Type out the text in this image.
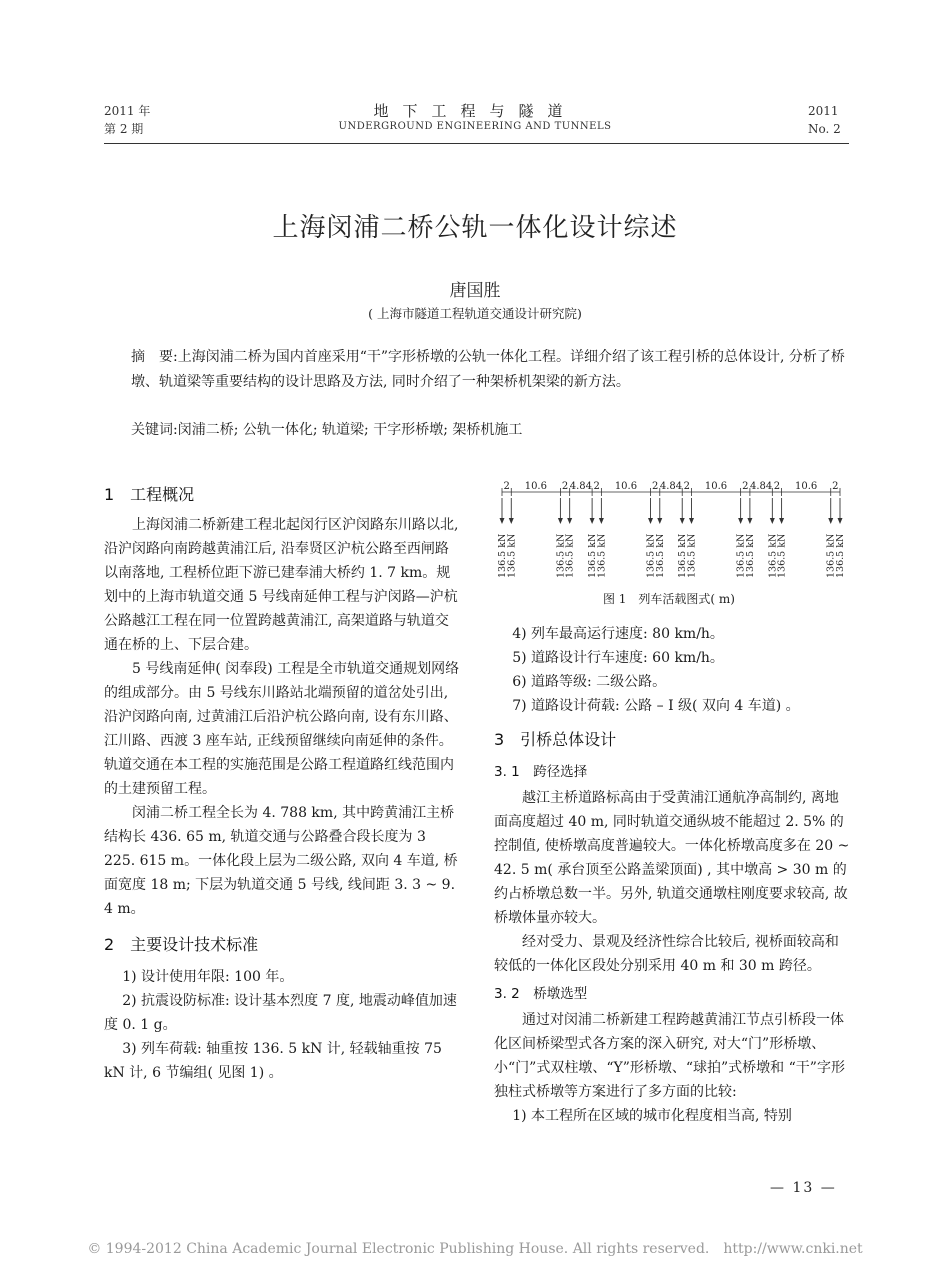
2011 年
第 2 期
地下工程与隧道
UNDERGROUND ENGINEERING AND TUNNELS
2011
No. 2
上海闵浦二桥公轨一体化设计综述
唐国胜
( 上海市隧道工程轨道交通设计研究院)
摘　要:上海闵浦二桥为国内首座采用“干”字形桥墩的公轨一体化工程。详细介绍了该工程引桥的总体设计, 分析了桥墩、轨道梁等重要结构的设计思路及方法, 同时介绍了一种架桥机架梁的新方法。
关键词:闵浦二桥; 公轨一体化; 轨道梁; 干字形桥墩; 架桥机施工
1　工程概况

上海闵浦二桥新建工程北起闵行区沪闵路东川路以北, 沿沪闵路向南跨越黄浦江后, 沿奉贤区沪杭公路至西闸路以南落地, 工程桥位距下游已建奉浦大桥约 1. 7 km。规划中的上海市轨道交通 5 号线南延伸工程与沪闵路—沪杭公路越江工程在同一位置跨越黄浦江, 高架道路与轨道交通在桥的上、下层合建。

5 号线南延伸( 闵奉段) 工程是全市轨道交通规划网络的组成部分。由 5 号线东川路站北端预留的道岔处引出, 沿沪闵路向南, 过黄浦江后沿沪杭公路向南, 设有东川路、江川路、西渡 3 座车站, 正线预留继续向南延伸的条件。轨道交通在本工程的实施范围是公路工程道路红线范围内的土建预留工程。

闵浦二桥工程全长为 4. 788 km, 其中跨黄浦江主桥结构长 436. 65 m, 轨道交通与公路叠合段长度为 3 225. 615 m。一体化段上层为二级公路, 双向 4 车道, 桥面宽度 18 m; 下层为轨道交通 5 号线, 线间距 3. 3 ~ 9. 4 m。

2　主要设计技术标准

1) 设计使用年限: 100 年。

2) 抗震设防标准: 设计基本烈度 7 度, 地震动峰值加速度 0. 1 g。

3) 列车荷载: 轴重按 136. 5 kN 计, 轻载轴重按 75 kN 计, 6 节编组( 见图 1) 。

2 10.6 2 4.84 2 10.6 2 4.84 2 10.6 2 4.84 2 10.6 2
136.5 kN
136.5 kN	136.5 kN
136.5 kN 136.5 kN
136.5 kN	136.5 kN
136.5 kN 136.5 kN
136.5 kN	136.5 kN
136.5 kN 136.5 kN
136.5 kN	136.5 kN
136.5 kN
图 1　列车活载图式( m)

4) 列车最高运行速度: 80 km/h。

5) 道路设计行车速度: 60 km/h。

6) 道路等级: 二级公路。

7) 道路设计荷载: 公路 – I 级( 双向 4 车道) 。

3　引桥总体设计
3. 1　跨径选择

越江主桥道路标高由于受黄浦江通航净高制约, 离地面高度超过 40 m, 同时轨道交通纵坡不能超过 2. 5% 的控制值, 使桥墩高度普遍较大。一体化桥墩高度多在 20 ~ 42. 5 m( 承台顶至公路盖梁顶面) , 其中墩高 > 30 m 的约占桥墩总数一半。另外, 轨道交通墩柱刚度要求较高, 故桥墩体量亦较大。

经对受力、景观及经济性综合比较后, 视桥面较高和较低的一体化区段处分别采用 40 m 和 30 m 跨径。

3. 2　桥墩选型

通过对闵浦二桥新建工程跨越黄浦江节点引桥段一体化区间桥梁型式各方案的深入研究, 对大“门”形桥墩、小“门”式双柱墩、“Y”形桥墩、“球拍”式桥墩和 “干”字形独柱式桥墩等方案进行了多方面的比较:

1) 本工程所在区域的城市化程度相当高, 特别

— 13 —
© 1994-2012 China Academic Journal Electronic Publishing House. All rights reserved.　http://www.cnki.net
